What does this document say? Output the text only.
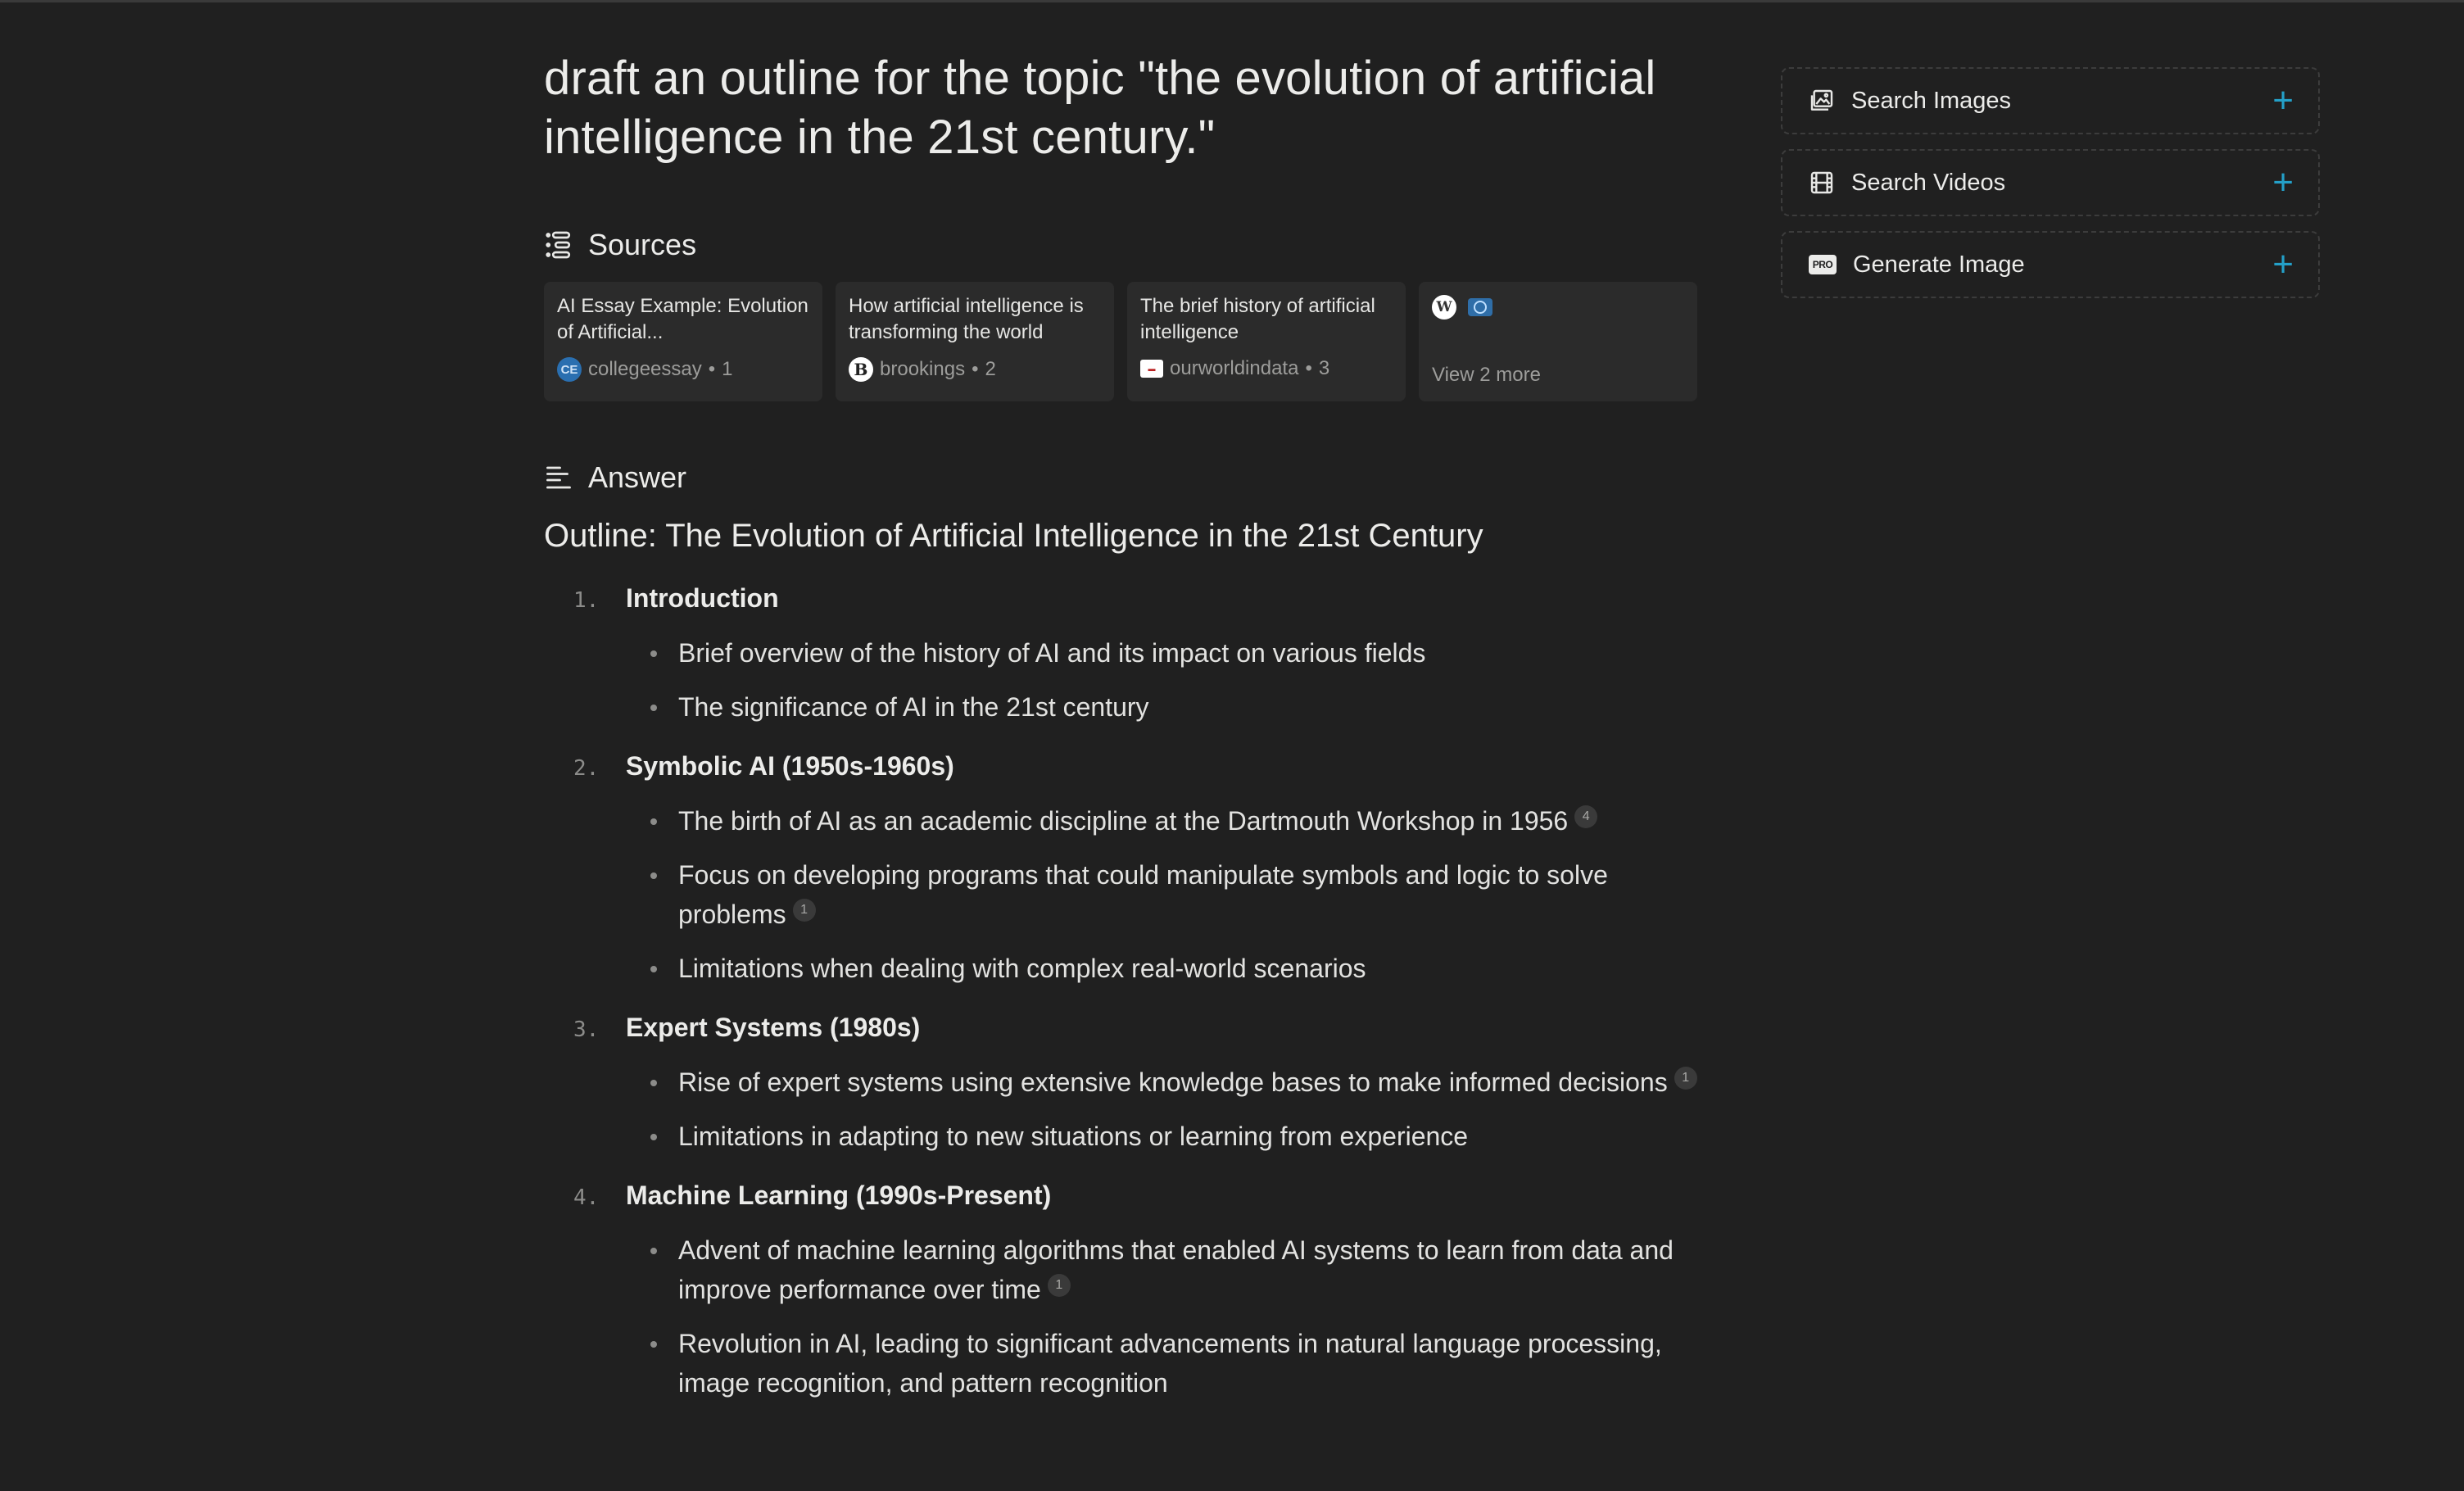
draft an outline for the topic "the evolution of artificial intelligence in the 21st century."
Sources
AI Essay Example: Evolution of Artificial...
CE collegeessay • 1
How artificial intelligence is transforming the world
B brookings • 2
The brief history of artificial intelligence
▬ ourworldindata • 3
W
View 2 more
Answer
Outline: The Evolution of Artificial Intelligence in the 21st Century
1.	Introduction
Brief overview of the history of AI and its impact on various fields
The significance of AI in the 21st century
2.	Symbolic AI (1950s-1960s)
The birth of AI as an academic discipline at the Dartmouth Workshop in 1956 4
Focus on developing programs that could manipulate symbols and logic to solve problems 1
Limitations when dealing with complex real-world scenarios
3.	Expert Systems (1980s)
Rise of expert systems using extensive knowledge bases to make informed decisions 1
Limitations in adapting to new situations or learning from experience
4.	Machine Learning (1990s-Present)
Advent of machine learning algorithms that enabled AI systems to learn from data and improve performance over time 1
Revolution in AI, leading to significant advancements in natural language processing, image recognition, and pattern recognition
Search Images	+
Search Videos	+
PRO Generate Image	+
